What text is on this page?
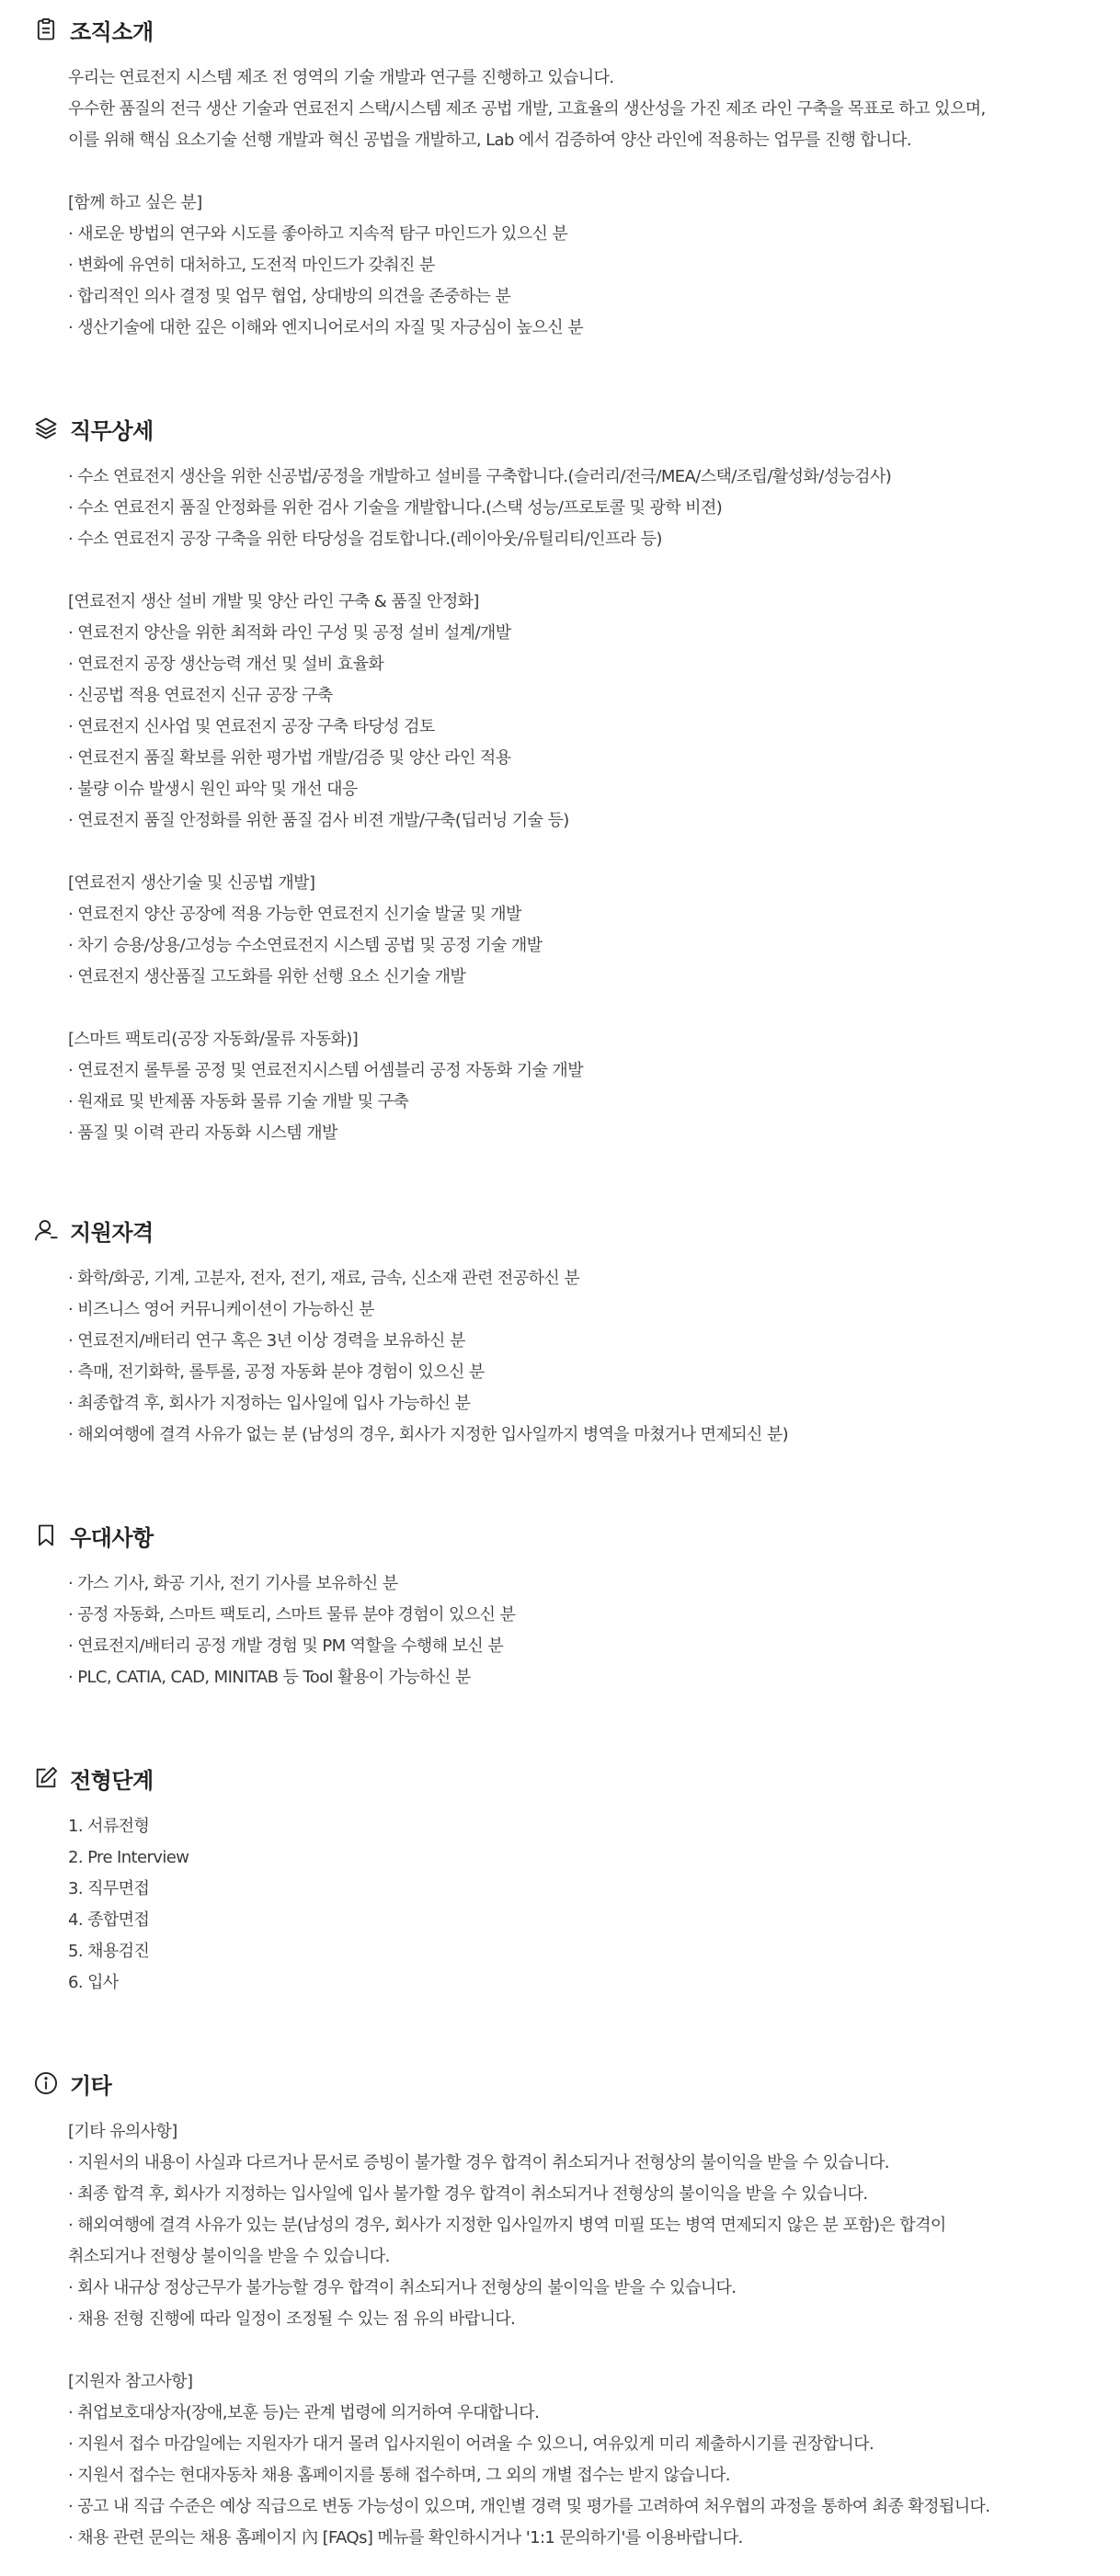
조직소개
우리는 연료전지 시스템 제조 전 영역의 기술 개발과 연구를 진행하고 있습니다.
우수한 품질의 전극 생산 기술과 연료전지 스택/시스템 제조 공법 개발, 고효율의 생산성을 가진 제조 라인 구축을 목표로 하고 있으며,
이를 위해 핵심 요소기술 선행 개발과 혁신 공법을 개발하고, Lab 에서 검증하여 양산 라인에 적용하는 업무를 진행 합니다.
[함께 하고 싶은 분]
· 새로운 방법의 연구와 시도를 좋아하고 지속적 탐구 마인드가 있으신 분
· 변화에 유연히 대처하고, 도전적 마인드가 갖춰진 분
· 합리적인 의사 결정 및 업무 협업, 상대방의 의견을 존중하는 분
· 생산기술에 대한 깊은 이해와 엔지니어로서의 자질 및 자긍심이 높으신 분
직무상세
· 수소 연료전지 생산을 위한 신공법/공정을 개발하고 설비를 구축합니다.(슬러리/전극/MEA/스택/조립/활성화/성능검사)
· 수소 연료전지 품질 안정화를 위한 검사 기술을 개발합니다.(스택 성능/프로토콜 및 광학 비젼)
· 수소 연료전지 공장 구축을 위한 타당성을 검토합니다.(레이아웃/유틸리티/인프라 등)
[연료전지 생산 설비 개발 및 양산 라인 구축 & 품질 안정화]
· 연료전지 양산을 위한 최적화 라인 구성 및 공정 설비 설계/개발
· 연료전지 공장 생산능력 개선 및 설비 효율화
· 신공법 적용 연료전지 신규 공장 구축
· 연료전지 신사업 및 연료전지 공장 구축 타당성 검토
· 연료전지 품질 확보를 위한 평가법 개발/검증 및 양산 라인 적용
· 불량 이슈 발생시 원인 파악 및 개선 대응
· 연료전지 품질 안정화를 위한 품질 검사 비젼 개발/구축(딥러닝 기술 등)
[연료전지 생산기술 및 신공법 개발]
· 연료전지 양산 공장에 적용 가능한 연료전지 신기술 발굴 및 개발
· 차기 승용/상용/고성능 수소연료전지 시스템 공법 및 공정 기술 개발
· 연료전지 생산품질 고도화를 위한 선행 요소 신기술 개발
[스마트 팩토리(공장 자동화/물류 자동화)]
· 연료전지 롤투롤 공정 및 연료전지시스템 어셈블리 공정 자동화 기술 개발
· 원재료 및 반제품 자동화 물류 기술 개발 및 구축
· 품질 및 이력 관리 자동화 시스템 개발
지원자격
· 화학/화공, 기계, 고분자, 전자, 전기, 재료, 금속, 신소재 관련 전공하신 분
· 비즈니스 영어 커뮤니케이션이 가능하신 분
· 연료전지/배터리 연구 혹은 3년 이상 경력을 보유하신 분
· 측매, 전기화학, 롤투롤, 공정 자동화 분야 경험이 있으신 분
· 최종합격 후, 회사가 지정하는 입사일에 입사 가능하신 분
· 해외여행에 결격 사유가 없는 분 (남성의 경우, 회사가 지정한 입사일까지 병역을 마쳤거나 면제되신 분)
우대사항
· 가스 기사, 화공 기사, 전기 기사를 보유하신 분
· 공정 자동화, 스마트 팩토리, 스마트 물류 분야 경험이 있으신 분
· 연료전지/배터리 공정 개발 경험 및 PM 역할을 수행해 보신 분
· PLC, CATIA, CAD, MINITAB 등 Tool 활용이 가능하신 분
전형단계
1. 서류전형
2. Pre Interview
3. 직무면접
4. 종합면접
5. 채용검진
6. 입사
기타
[기타 유의사항]
· 지원서의 내용이 사실과 다르거나 문서로 증빙이 불가할 경우 합격이 취소되거나 전형상의 불이익을 받을 수 있습니다.
· 최종 합격 후, 회사가 지정하는 입사일에 입사 불가할 경우 합격이 취소되거나 전형상의 불이익을 받을 수 있습니다.
· 해외여행에 결격 사유가 있는 분(남성의 경우, 회사가 지정한 입사일까지 병역 미필 또는 병역 면제되지 않은 분 포함)은 합격이
취소되거나 전형상 불이익을 받을 수 있습니다.
· 회사 내규상 정상근무가 불가능할 경우 합격이 취소되거나 전형상의 불이익을 받을 수 있습니다.
· 채용 전형 진행에 따라 일정이 조정될 수 있는 점 유의 바랍니다.
[지원자 참고사항]
· 취업보호대상자(장애,보훈 등)는 관계 법령에 의거하여 우대합니다.
· 지원서 접수 마감일에는 지원자가 대거 몰려 입사지원이 어려울 수 있으니, 여유있게 미리 제출하시기를 권장합니다.
· 지원서 접수는 현대자동차 채용 홈페이지를 통해 접수하며, 그 외의 개별 접수는 받지 않습니다.
· 공고 내 직급 수준은 예상 직급으로 변동 가능성이 있으며, 개인별 경력 및 평가를 고려하여 처우협의 과정을 통하여 최종 확정됩니다.
· 채용 관련 문의는 채용 홈페이지 內 [FAQs] 메뉴를 확인하시거나 '1:1 문의하기'를 이용바랍니다.
